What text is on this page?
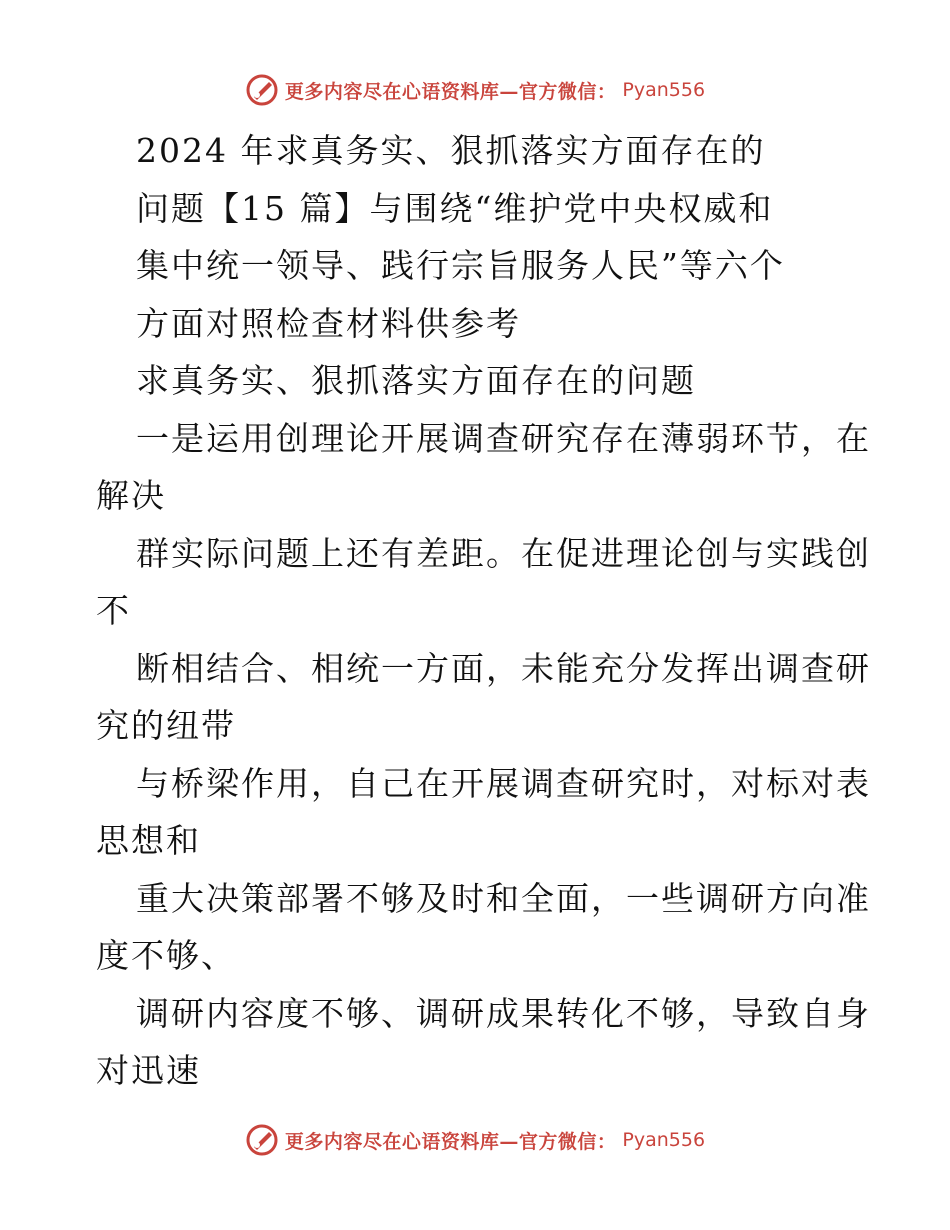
更多内容尽在心语资料库—官方微信： Pyan556
2024 年求真务实、狠抓落实方面存在的
问题【15 篇】与围绕“维护党中央权威和
集中统一领导、践行宗旨服务人民”等六个
方面对照检查材料供参考
求真务实、狠抓落实方面存在的问题
一是运用创理论开展调查研究存在薄弱环节，在
解决
群实际问题上还有差距。在促进理论创与实践创
不
断相结合、相统一方面，未能充分发挥出调查研
究的纽带
与桥梁作用，自己在开展调查研究时，对标对表
思想和
重大决策部署不够及时和全面，一些调研方向准
度不够、
调研内容度不够、调研成果转化不够，导致自身
对迅速
更多内容尽在心语资料库—官方微信： Pyan556
